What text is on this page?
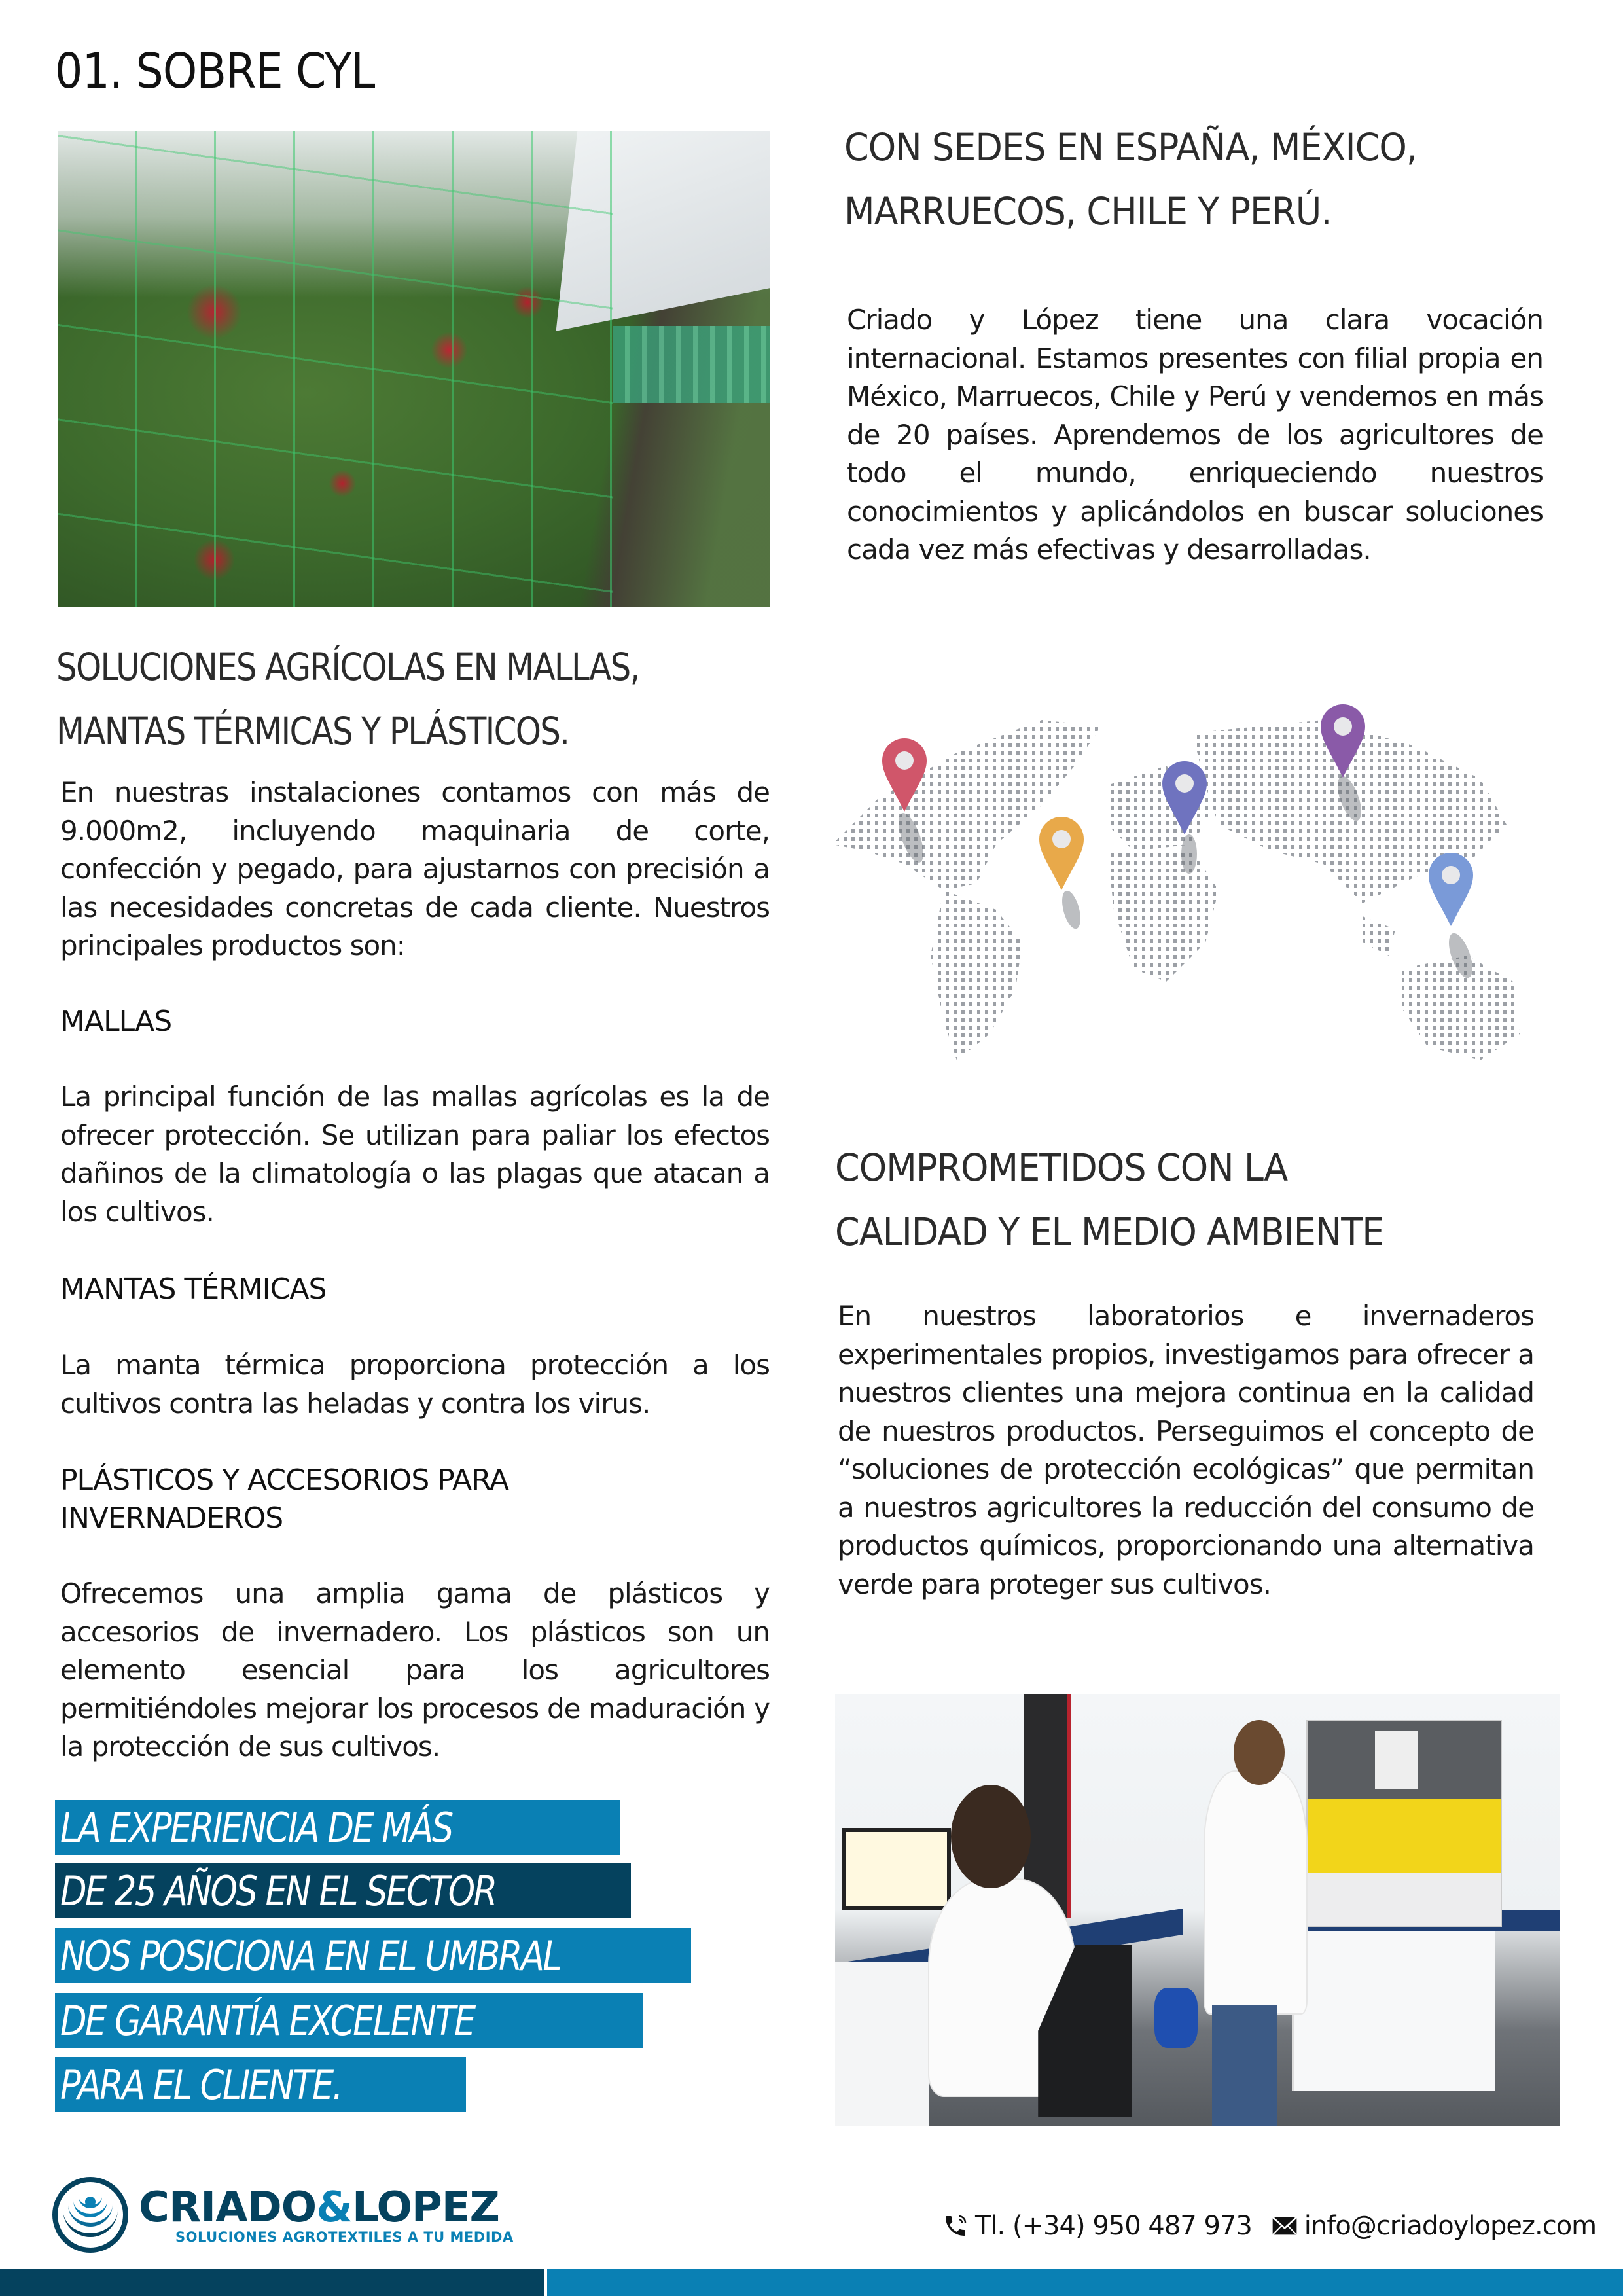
01. SOBRE CYL
CON SEDES EN ESPAÑA, MÉXICO,
MARRUECOS, CHILE Y PERÚ.

Criado y López tiene una clara vocación internacional. Estamos presentes con filial propia en México, Marruecos, Chile y Perú y vendemos en más de 20 países. Aprendemos de los agricultores de todo el mundo, enriqueciendo nuestros conocimientos y aplicándolos en buscar soluciones cada vez más efectivas y desarrolladas.

SOLUCIONES AGRÍCOLAS EN MALLAS,
MANTAS TÉRMICAS Y PLÁSTICOS.

En nuestras instalaciones contamos con más de 9.000m2, incluyendo maquinaria de corte, confección y pegado, para ajustarnos con precisión a las necesidades concretas de cada cliente. Nuestros principales productos son:

MALLAS

La principal función de las mallas agrícolas es la de ofrecer protección. Se utilizan para paliar los efectos dañinos de la climatología o las plagas que atacan a los cultivos.

MANTAS TÉRMICAS

La manta térmica proporciona protección a los cultivos contra las heladas y contra los virus.

PLÁSTICOS Y ACCESORIOS PARA INVERNADEROS

Ofrecemos una amplia gama de plásticos y accesorios de invernadero. Los plásticos son un elemento esencial para los agricultores permitiéndoles mejorar los procesos de maduración y la protección de sus cultivos.

COMPROMETIDOS CON LA
CALIDAD Y EL MEDIO AMBIENTE

En nuestros laboratorios e invernaderos experimentales propios, investigamos para ofrecer a nuestros clientes una mejora continua en la calidad de nuestros productos. Perseguimos el concepto de “soluciones de protección ecológicas” que permitan a nuestros agricultores la reducción del consumo de productos químicos, proporcionando una alternativa verde para proteger sus cultivos.

LA EXPERIENCIA DE MÁS
DE 25 AÑOS EN EL SECTOR
NOS POSICIONA EN EL UMBRAL
DE GARANTÍA EXCELENTE
PARA EL CLIENTE.
CRIADO&LOPEZ
SOLUCIONES AGROTEXTILES A TU MEDIDA	Tl. (+34) 950 487 973 info@criadoylopez.com
